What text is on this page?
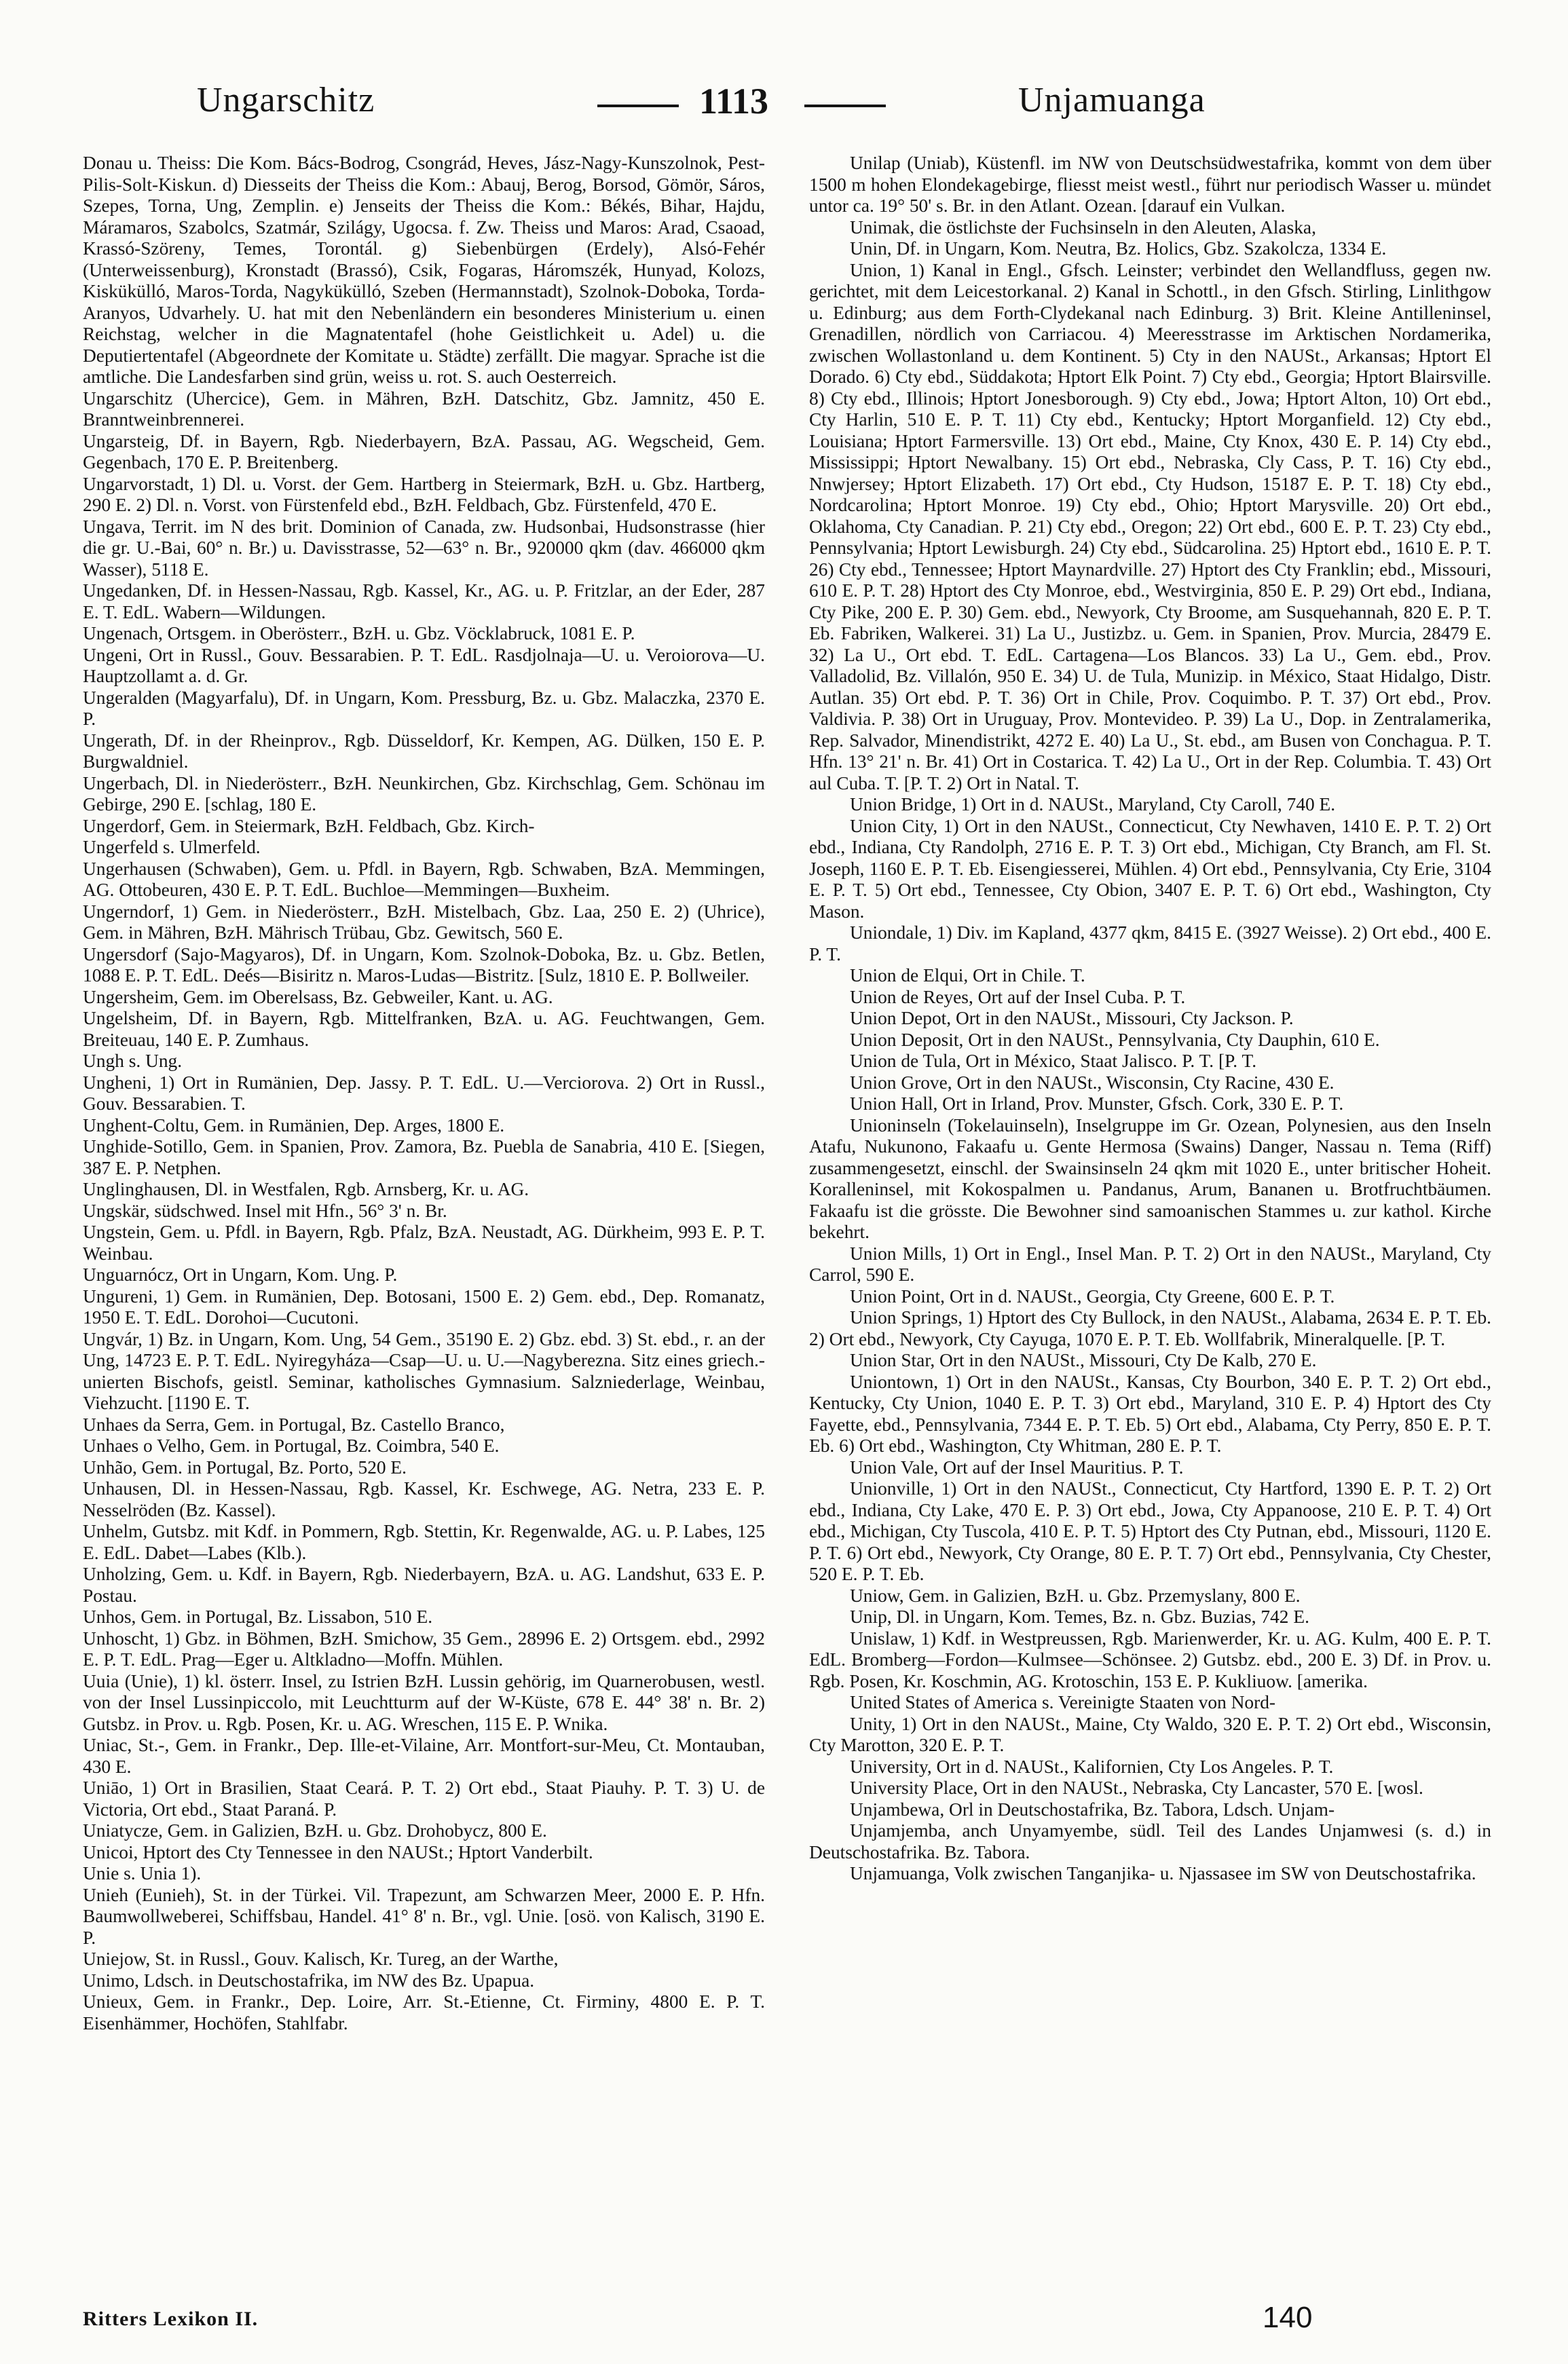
Ungarschitz	1113	Unjamuanga

Donau u. Theiss: Die Kom. Bács-Bodrog, Csongrád, Heves, Jász-Nagy-Kunszolnok, Pest-Pilis-Solt-Kiskun. d) Diesseits der Theiss die Kom.: Abauj, Berog, Borsod, Gömör, Sáros, Szepes, Torna, Ung, Zemplin. e) Jenseits der Theiss die Kom.: Békés, Bihar, Hajdu, Máramaros, Szabolcs, Szatmár, Szilágy, Ugocsa. f. Zw. Theiss und Maros: Arad, Csaoad, Krassó-Szöreny, Temes, Torontál. g) Siebenbürgen (Erdely), Alsó-Fehér (Unterweissenburg), Kronstadt (Brassó), Csik, Fogaras, Háromszék, Hunyad, Kolozs, Kiskükülló, Maros-Torda, Nagykükülló, Szeben (Hermannstadt), Szolnok-Doboka, Torda-Aranyos, Udvarhely. U. hat mit den Nebenländern ein besonderes Ministerium u. einen Reichstag, welcher in die Magnatentafel (hohe Geistlichkeit u. Adel) u. die Deputiertentafel (Abgeordnete der Komitate u. Städte) zerfällt. Die magyar. Sprache ist die amtliche. Die Landesfarben sind grün, weiss u. rot. S. auch Oesterreich.

Ungarschitz (Uhercice), Gem. in Mähren, BzH. Datschitz, Gbz. Jamnitz, 450 E. Branntweinbrennerei.

Ungarsteig, Df. in Bayern, Rgb. Niederbayern, BzA. Passau, AG. Wegscheid, Gem. Gegenbach, 170 E. P. Breitenberg.

Ungarvorstadt, 1) Dl. u. Vorst. der Gem. Hartberg in Steiermark, BzH. u. Gbz. Hartberg, 290 E. 2) Dl. n. Vorst. von Fürstenfeld ebd., BzH. Feldbach, Gbz. Fürstenfeld, 470 E.

Ungava, Territ. im N des brit. Dominion of Canada, zw. Hudsonbai, Hudsonstrasse (hier die gr. U.-Bai, 60° n. Br.) u. Davisstrasse, 52—63° n. Br., 920000 qkm (dav. 466000 qkm Wasser), 5118 E.

Ungedanken, Df. in Hessen-Nassau, Rgb. Kassel, Kr., AG. u. P. Fritzlar, an der Eder, 287 E. T. EdL. Wabern—Wildungen.

Ungenach, Ortsgem. in Oberösterr., BzH. u. Gbz. Vöcklabruck, 1081 E. P.

Ungeni, Ort in Russl., Gouv. Bessarabien. P. T. EdL. Rasdjolnaja—U. u. Veroiorova—U. Hauptzollamt a. d. Gr.

Ungeralden (Magyarfalu), Df. in Ungarn, Kom. Pressburg, Bz. u. Gbz. Malaczka, 2370 E. P.

Ungerath, Df. in der Rheinprov., Rgb. Düsseldorf, Kr. Kempen, AG. Dülken, 150 E. P. Burgwaldniel.

Ungerbach, Dl. in Niederösterr., BzH. Neunkirchen, Gbz. Kirchschlag, Gem. Schönau im Gebirge, 290 E. [schlag, 180 E.

Ungerdorf, Gem. in Steiermark, BzH. Feldbach, Gbz. Kirch-

Ungerfeld s. Ulmerfeld.

Ungerhausen (Schwaben), Gem. u. Pfdl. in Bayern, Rgb. Schwaben, BzA. Memmingen, AG. Ottobeuren, 430 E. P. T. EdL. Buchloe—Memmingen—Buxheim.

Ungerndorf, 1) Gem. in Niederösterr., BzH. Mistelbach, Gbz. Laa, 250 E. 2) (Uhrice), Gem. in Mähren, BzH. Mährisch Trübau, Gbz. Gewitsch, 560 E.

Ungersdorf (Sajo-Magyaros), Df. in Ungarn, Kom. Szolnok-Doboka, Bz. u. Gbz. Betlen, 1088 E. P. T. EdL. Deés—Bisiritz n. Maros-Ludas—Bistritz. [Sulz, 1810 E. P. Bollweiler.

Ungersheim, Gem. im Oberelsass, Bz. Gebweiler, Kant. u. AG.

Ungelsheim, Df. in Bayern, Rgb. Mittelfranken, BzA. u. AG. Feuchtwangen, Gem. Breiteuau, 140 E. P. Zumhaus.

Ungh s. Ung.

Ungheni, 1) Ort in Rumänien, Dep. Jassy. P. T. EdL. U.—Verciorova. 2) Ort in Russl., Gouv. Bessarabien. T.

Unghent-Coltu, Gem. in Rumänien, Dep. Arges, 1800 E.

Unghide-Sotillo, Gem. in Spanien, Prov. Zamora, Bz. Puebla de Sanabria, 410 E. [Siegen, 387 E. P. Netphen.

Unglinghausen, Dl. in Westfalen, Rgb. Arnsberg, Kr. u. AG.

Ungskär, südschwed. Insel mit Hfn., 56° 3' n. Br.

Ungstein, Gem. u. Pfdl. in Bayern, Rgb. Pfalz, BzA. Neustadt, AG. Dürkheim, 993 E. P. T. Weinbau.

Unguarnócz, Ort in Ungarn, Kom. Ung. P.

Ungureni, 1) Gem. in Rumänien, Dep. Botosani, 1500 E. 2) Gem. ebd., Dep. Romanatz, 1950 E. T. EdL. Dorohoi—Cucutoni.

Ungvár, 1) Bz. in Ungarn, Kom. Ung, 54 Gem., 35190 E. 2) Gbz. ebd. 3) St. ebd., r. an der Ung, 14723 E. P. T. EdL. Nyiregyháza—Csap—U. u. U.—Nagyberezna. Sitz eines griech.-unierten Bischofs, geistl. Seminar, katholisches Gymnasium. Salzniederlage, Weinbau, Viehzucht. [1190 E. T.

Unhaes da Serra, Gem. in Portugal, Bz. Castello Branco,

Unhaes o Velho, Gem. in Portugal, Bz. Coimbra, 540 E.

Unhão, Gem. in Portugal, Bz. Porto, 520 E.

Unhausen, Dl. in Hessen-Nassau, Rgb. Kassel, Kr. Eschwege, AG. Netra, 233 E. P. Nesselröden (Bz. Kassel).

Unhelm, Gutsbz. mit Kdf. in Pommern, Rgb. Stettin, Kr. Regenwalde, AG. u. P. Labes, 125 E. EdL. Dabet—Labes (Klb.).

Unholzing, Gem. u. Kdf. in Bayern, Rgb. Niederbayern, BzA. u. AG. Landshut, 633 E. P. Postau.

Unhos, Gem. in Portugal, Bz. Lissabon, 510 E.

Unhoscht, 1) Gbz. in Böhmen, BzH. Smichow, 35 Gem., 28996 E. 2) Ortsgem. ebd., 2992 E. P. T. EdL. Prag—Eger u. Altkladno—Moffn. Mühlen.

Uuia (Unie), 1) kl. österr. Insel, zu Istrien BzH. Lussin gehörig, im Quarnerobusen, westl. von der Insel Lussinpiccolo, mit Leuchtturm auf der W-Küste, 678 E. 44° 38' n. Br. 2) Gutsbz. in Prov. u. Rgb. Posen, Kr. u. AG. Wreschen, 115 E. P. Wnika.

Uniac, St.-, Gem. in Frankr., Dep. Ille-et-Vilaine, Arr. Montfort-sur-Meu, Ct. Montauban, 430 E.

Uniāo, 1) Ort in Brasilien, Staat Ceará. P. T. 2) Ort ebd., Staat Piauhy. P. T. 3) U. de Victoria, Ort ebd., Staat Paraná. P.

Uniatycze, Gem. in Galizien, BzH. u. Gbz. Drohobycz, 800 E.

Unicoi, Hptort des Cty Tennessee in den NAUSt.; Hptort Vanderbilt.

Unie s. Unia 1).

Unieh (Eunieh), St. in der Türkei. Vil. Trapezunt, am Schwarzen Meer, 2000 E. P. Hfn. Baumwollweberei, Schiffsbau, Handel. 41° 8' n. Br., vgl. Unie. [osö. von Kalisch, 3190 E. P.

Uniejow, St. in Russl., Gouv. Kalisch, Kr. Tureg, an der Warthe,

Unimo, Ldsch. in Deutschostafrika, im NW des Bz. Upapua.

Unieux, Gem. in Frankr., Dep. Loire, Arr. St.-Etienne, Ct. Firminy, 4800 E. P. T. Eisenhämmer, Hochöfen, Stahlfabr.

Unilap (Uniab), Küstenfl. im NW von Deutschsüdwestafrika, kommt von dem über 1500 m hohen Elondekagebirge, fliesst meist westl., führt nur periodisch Wasser u. mündet untor ca. 19° 50' s. Br. in den Atlant. Ozean. [darauf ein Vulkan.

Unimak, die östlichste der Fuchsinseln in den Aleuten, Alaska,

Unin, Df. in Ungarn, Kom. Neutra, Bz. Holics, Gbz. Szakolcza, 1334 E.

Union, 1) Kanal in Engl., Gfsch. Leinster; verbindet den Wellandfluss, gegen nw. gerichtet, mit dem Leicestorkanal. 2) Kanal in Schottl., in den Gfsch. Stirling, Linlithgow u. Edinburg; aus dem Forth-Clydekanal nach Edinburg. 3) Brit. Kleine Antilleninsel, Grenadillen, nördlich von Carriacou. 4) Meeresstrasse im Arktischen Nordamerika, zwischen Wollastonland u. dem Kontinent. 5) Cty in den NAUSt., Arkansas; Hptort El Dorado. 6) Cty ebd., Süddakota; Hptort Elk Point. 7) Cty ebd., Georgia; Hptort Blairsville. 8) Cty ebd., Illinois; Hptort Jonesborough. 9) Cty ebd., Jowa; Hptort Alton, 10) Ort ebd., Cty Harlin, 510 E. P. T. 11) Cty ebd., Kentucky; Hptort Morganfield. 12) Cty ebd., Louisiana; Hptort Farmersville. 13) Ort ebd., Maine, Cty Knox, 430 E. P. 14) Cty ebd., Mississippi; Hptort Newalbany. 15) Ort ebd., Nebraska, Cly Cass, P. T. 16) Cty ebd., Nnwjersey; Hptort Elizabeth. 17) Ort ebd., Cty Hudson, 15187 E. P. T. 18) Cty ebd., Nordcarolina; Hptort Monroe. 19) Cty ebd., Ohio; Hptort Marysville. 20) Ort ebd., Oklahoma, Cty Canadian. P. 21) Cty ebd., Oregon; 22) Ort ebd., 600 E. P. T. 23) Cty ebd., Pennsylvania; Hptort Lewisburgh. 24) Cty ebd., Südcarolina. 25) Hptort ebd., 1610 E. P. T. 26) Cty ebd., Tennessee; Hptort Maynardville. 27) Hptort des Cty Franklin; ebd., Missouri, 610 E. P. T. 28) Hptort des Cty Monroe, ebd., Westvirginia, 850 E. P. 29) Ort ebd., Indiana, Cty Pike, 200 E. P. 30) Gem. ebd., Newyork, Cty Broome, am Susquehannah, 820 E. P. T. Eb. Fabriken, Walkerei. 31) La U., Justizbz. u. Gem. in Spanien, Prov. Murcia, 28479 E. 32) La U., Ort ebd. T. EdL. Cartagena—Los Blancos. 33) La U., Gem. ebd., Prov. Valladolid, Bz. Villalón, 950 E. 34) U. de Tula, Munizip. in México, Staat Hidalgo, Distr. Autlan. 35) Ort ebd. P. T. 36) Ort in Chile, Prov. Coquimbo. P. T. 37) Ort ebd., Prov. Valdivia. P. 38) Ort in Uruguay, Prov. Montevideo. P. 39) La U., Dop. in Zentralamerika, Rep. Salvador, Minendistrikt, 4272 E. 40) La U., St. ebd., am Busen von Conchagua. P. T. Hfn. 13° 21' n. Br. 41) Ort in Costarica. T. 42) La U., Ort in der Rep. Columbia. T. 43) Ort aul Cuba. T. [P. T. 2) Ort in Natal. T.

Union Bridge, 1) Ort in d. NAUSt., Maryland, Cty Caroll, 740 E.

Union City, 1) Ort in den NAUSt., Connecticut, Cty Newhaven, 1410 E. P. T. 2) Ort ebd., Indiana, Cty Randolph, 2716 E. P. T. 3) Ort ebd., Michigan, Cty Branch, am Fl. St. Joseph, 1160 E. P. T. Eb. Eisengiesserei, Mühlen. 4) Ort ebd., Pennsylvania, Cty Erie, 3104 E. P. T. 5) Ort ebd., Tennessee, Cty Obion, 3407 E. P. T. 6) Ort ebd., Washington, Cty Mason.

Uniondale, 1) Div. im Kapland, 4377 qkm, 8415 E. (3927 Weisse). 2) Ort ebd., 400 E. P. T.

Union de Elqui, Ort in Chile. T.

Union de Reyes, Ort auf der Insel Cuba. P. T.

Union Depot, Ort in den NAUSt., Missouri, Cty Jackson. P.

Union Deposit, Ort in den NAUSt., Pennsylvania, Cty Dauphin, 610 E.

Union de Tula, Ort in México, Staat Jalisco. P. T. [P. T.

Union Grove, Ort in den NAUSt., Wisconsin, Cty Racine, 430 E.

Union Hall, Ort in Irland, Prov. Munster, Gfsch. Cork, 330 E. P. T.

Unioninseln (Tokelauinseln), Inselgruppe im Gr. Ozean, Polynesien, aus den Inseln Atafu, Nukunono, Fakaafu u. Gente Hermosa (Swains) Danger, Nassau n. Tema (Riff) zusammengesetzt, einschl. der Swainsinseln 24 qkm mit 1020 E., unter britischer Hoheit. Koralleninsel, mit Kokospalmen u. Pandanus, Arum, Bananen u. Brotfruchtbäumen. Fakaafu ist die grösste. Die Bewohner sind samoanischen Stammes u. zur kathol. Kirche bekehrt.

Union Mills, 1) Ort in Engl., Insel Man. P. T. 2) Ort in den NAUSt., Maryland, Cty Carrol, 590 E.

Union Point, Ort in d. NAUSt., Georgia, Cty Greene, 600 E. P. T.

Union Springs, 1) Hptort des Cty Bullock, in den NAUSt., Alabama, 2634 E. P. T. Eb. 2) Ort ebd., Newyork, Cty Cayuga, 1070 E. P. T. Eb. Wollfabrik, Mineralquelle. [P. T.

Union Star, Ort in den NAUSt., Missouri, Cty De Kalb, 270 E.

Uniontown, 1) Ort in den NAUSt., Kansas, Cty Bourbon, 340 E. P. T. 2) Ort ebd., Kentucky, Cty Union, 1040 E. P. T. 3) Ort ebd., Maryland, 310 E. P. 4) Hptort des Cty Fayette, ebd., Pennsylvania, 7344 E. P. T. Eb. 5) Ort ebd., Alabama, Cty Perry, 850 E. P. T. Eb. 6) Ort ebd., Washington, Cty Whitman, 280 E. P. T.

Union Vale, Ort auf der Insel Mauritius. P. T.

Unionville, 1) Ort in den NAUSt., Connecticut, Cty Hartford, 1390 E. P. T. 2) Ort ebd., Indiana, Cty Lake, 470 E. P. 3) Ort ebd., Jowa, Cty Appanoose, 210 E. P. T. 4) Ort ebd., Michigan, Cty Tuscola, 410 E. P. T. 5) Hptort des Cty Putnan, ebd., Missouri, 1120 E. P. T. 6) Ort ebd., Newyork, Cty Orange, 80 E. P. T. 7) Ort ebd., Pennsylvania, Cty Chester, 520 E. P. T. Eb.

Uniow, Gem. in Galizien, BzH. u. Gbz. Przemyslany, 800 E.

Unip, Dl. in Ungarn, Kom. Temes, Bz. n. Gbz. Buzias, 742 E.

Unislaw, 1) Kdf. in Westpreussen, Rgb. Marienwerder, Kr. u. AG. Kulm, 400 E. P. T. EdL. Bromberg—Fordon—Kulmsee—Schönsee. 2) Gutsbz. ebd., 200 E. 3) Df. in Prov. u. Rgb. Posen, Kr. Koschmin, AG. Krotoschin, 153 E. P. Kukliuow. [amerika.

United States of America s. Vereinigte Staaten von Nord-

Unity, 1) Ort in den NAUSt., Maine, Cty Waldo, 320 E. P. T. 2) Ort ebd., Wisconsin, Cty Marotton, 320 E. P. T.

University, Ort in d. NAUSt., Kalifornien, Cty Los Angeles. P. T.

University Place, Ort in den NAUSt., Nebraska, Cty Lancaster, 570 E. [wosl.

Unjambewa, Orl in Deutschostafrika, Bz. Tabora, Ldsch. Unjam-

Unjamjemba, anch Unyamyembe, südl. Teil des Landes Unjamwesi (s. d.) in Deutschostafrika. Bz. Tabora.

Unjamuanga, Volk zwischen Tanganjika- u. Njassasee im SW von Deutschostafrika.

Ritters Lexikon II.	140
